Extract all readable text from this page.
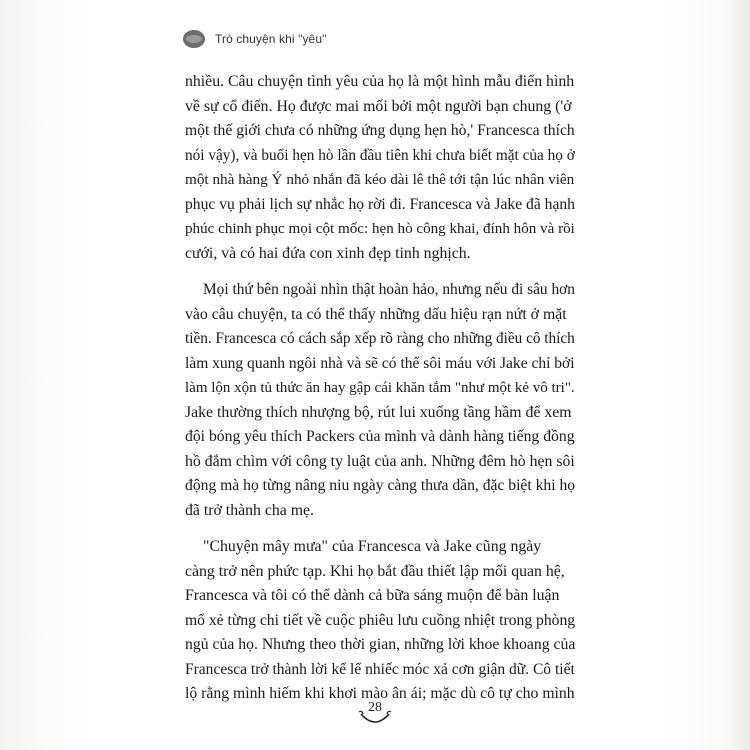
Trò chuyện khi "yêu"

nhiều. Câu chuyện tình yêu của họ là một hình mẫu điển hình
về sự cổ điển. Họ được mai mối bởi một người bạn chung ('ở
một thế giới chưa có những ứng dụng hẹn hò,' Francesca thích
nói vậy), và buổi hẹn hò lần đầu tiên khi chưa biết mặt của họ ở
một nhà hàng Ý nhỏ nhắn đã kéo dài lê thê tới tận lúc nhân viên
phục vụ phải lịch sự nhắc họ rời đi. Francesca và Jake đã hạnh
phúc chinh phục mọi cột mốc: hẹn hò công khai, đính hôn và rồi
cưới, và có hai đứa con xinh đẹp tinh nghịch.

Mọi thứ bên ngoài nhìn thật hoàn hảo, nhưng nếu đi sâu hơn
vào câu chuyện, ta có thể thấy những dấu hiệu rạn nứt ở mặt
tiền. Francesca có cách sắp xếp rõ ràng cho những điều cô thích
làm xung quanh ngôi nhà và sẽ có thể sôi máu với Jake chỉ bởi
làm lộn xộn tủ thức ăn hay gập cái khăn tắm "như một kẻ vô tri".
Jake thường thích nhượng bộ, rút lui xuống tầng hầm để xem
đội bóng yêu thích Packers của mình và dành hàng tiếng đồng
hồ đắm chìm với công ty luật của anh. Những đêm hò hẹn sôi
động mà họ từng nâng niu ngày càng thưa dần, đặc biệt khi họ
đã trở thành cha mẹ.

"Chuyện mây mưa" của Francesca và Jake cũng ngày
càng trở nên phức tạp. Khi họ bắt đầu thiết lập mối quan hệ,
Francesca và tôi có thể dành cả bữa sáng muộn để bàn luận
mổ xẻ từng chi tiết về cuộc phiêu lưu cuồng nhiệt trong phòng
ngủ của họ. Nhưng theo thời gian, những lời khoe khoang của
Francesca trở thành lời kể lể nhiếc móc xả cơn giận dữ. Cô tiết
lộ rằng mình hiếm khi khơi mào ân ái; mặc dù cô tự cho mình

28
